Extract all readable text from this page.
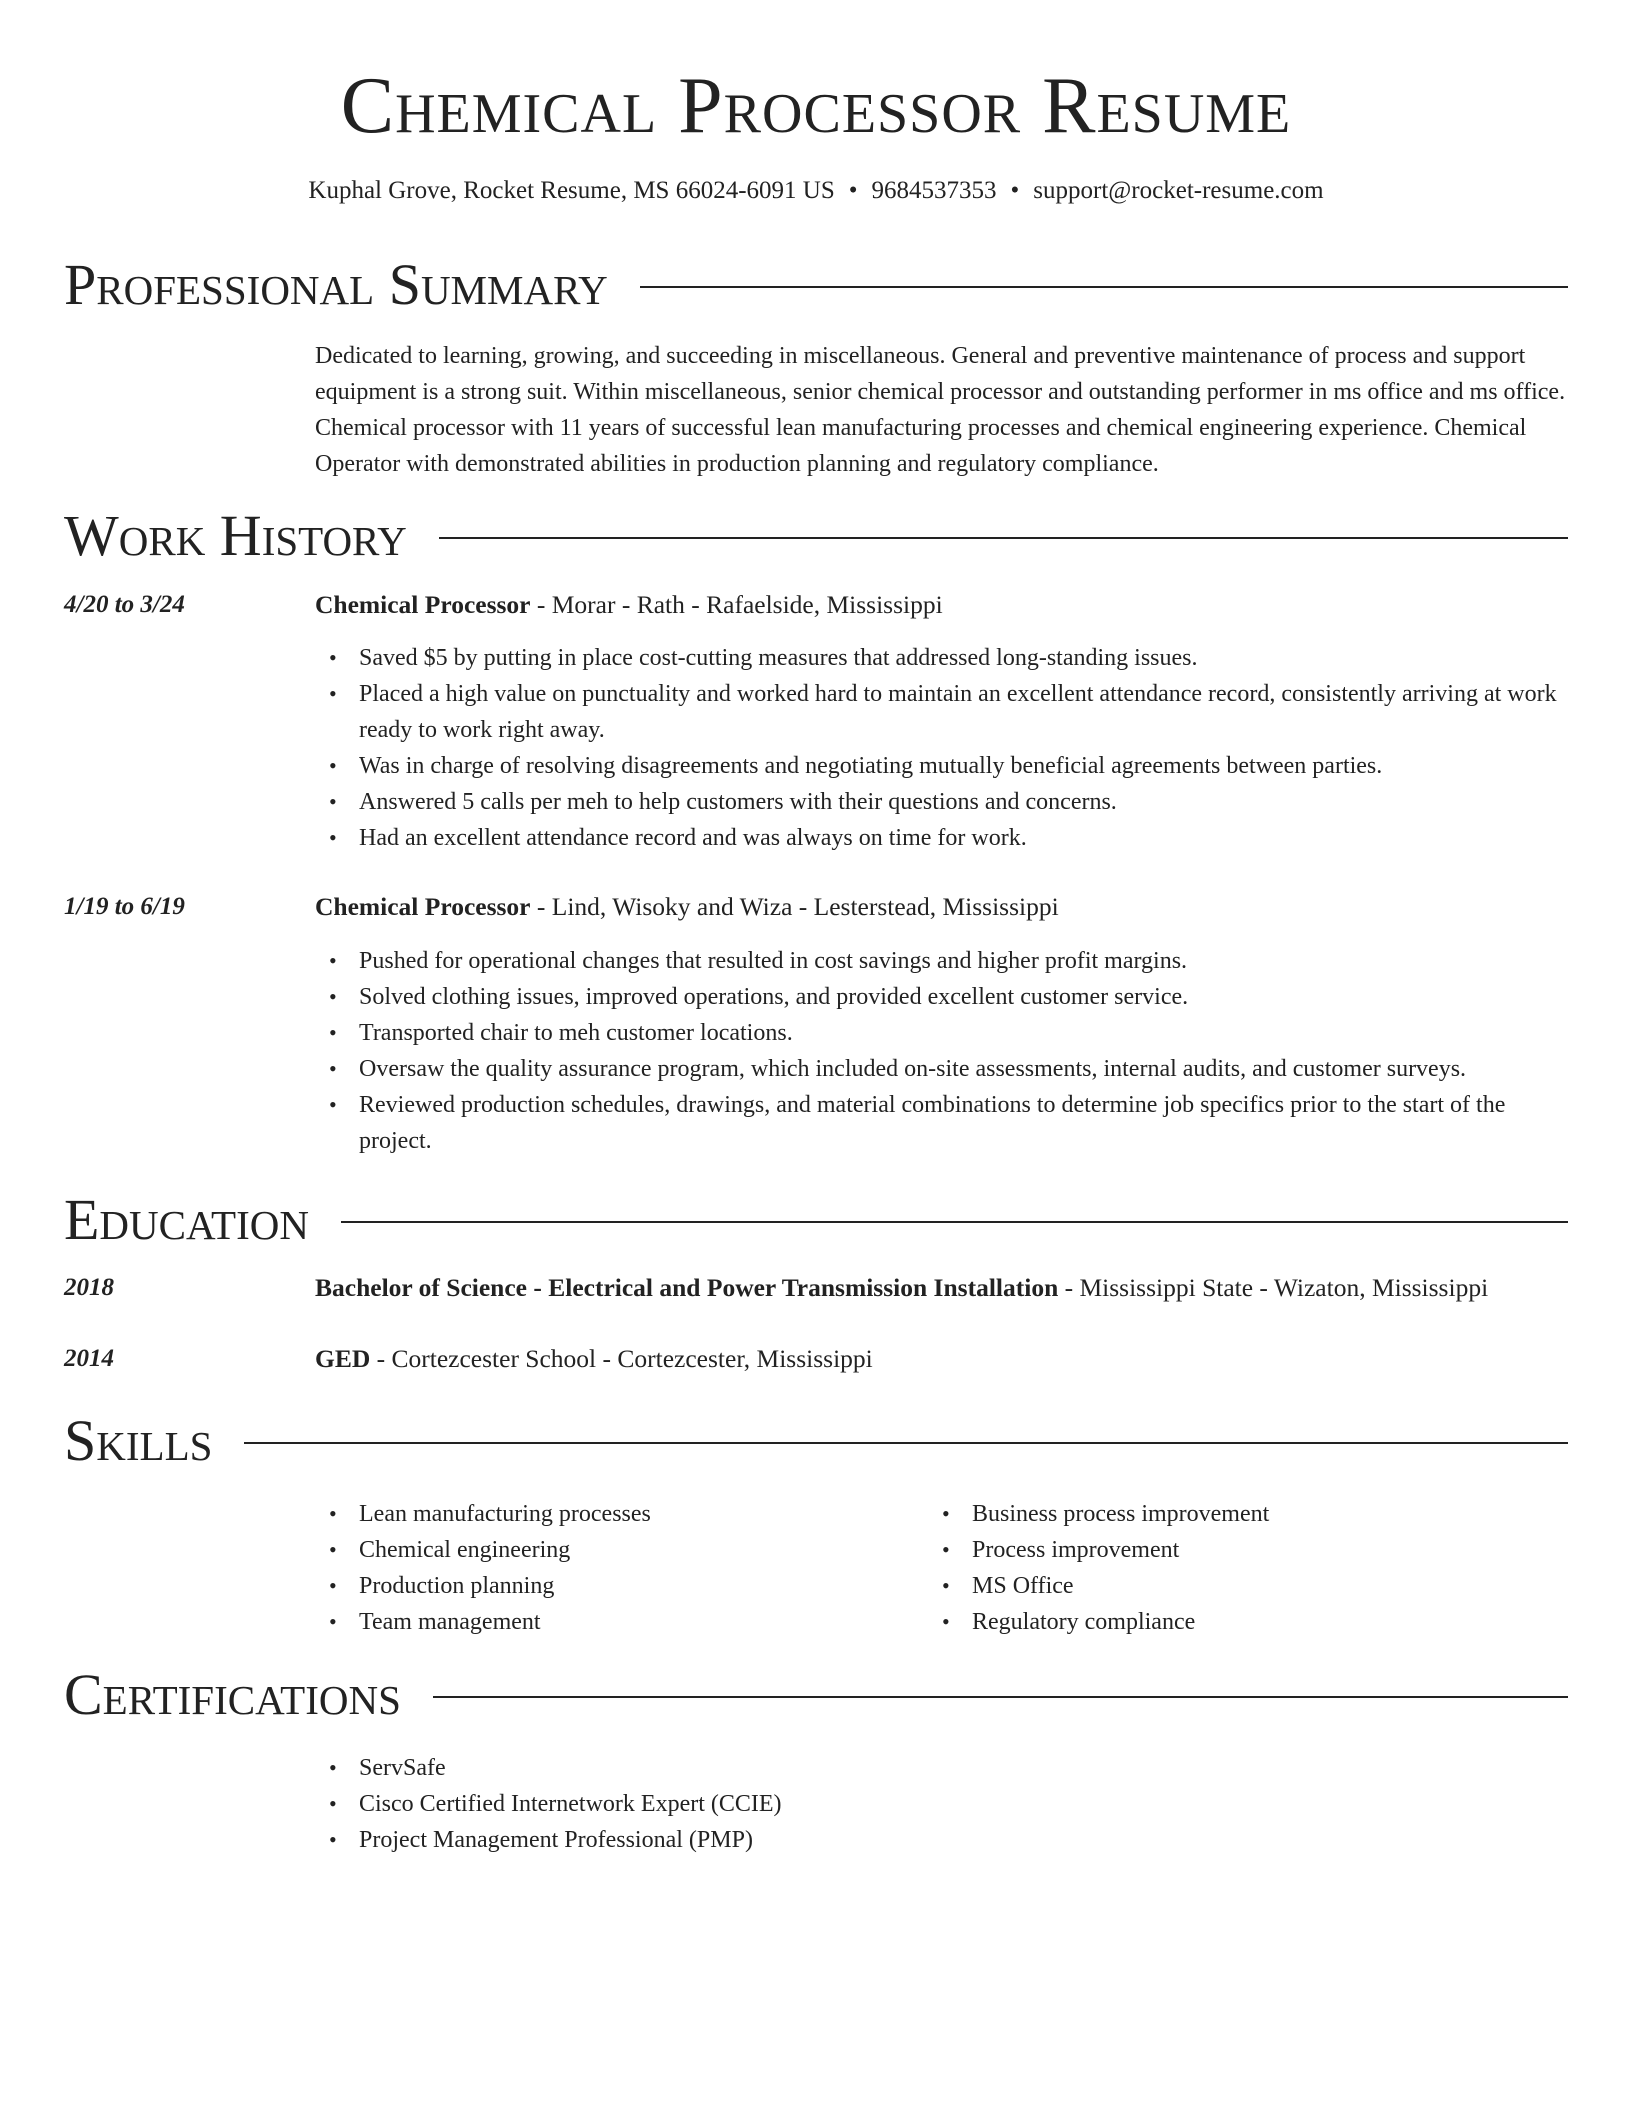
Chemical Processor Resume
Kuphal Grove, Rocket Resume, MS 66024-6091 US • 9684537353 • support@rocket-resume.com
Professional Summary

Dedicated to learning, growing, and succeeding in miscellaneous. General and preventive maintenance of process and support equipment is a strong suit. Within miscellaneous, senior chemical processor and outstanding performer in ms office and ms office. Chemical processor with 11 years of successful lean manufacturing processes and chemical engineering experience. Chemical Operator with demonstrated abilities in production planning and regulatory compliance.

Work History
4/20 to 3/24	Chemical Processor - Morar - Rath - Rafaelside, Mississippi
• Saved $5 by putting in place cost-cutting measures that addressed long-standing issues.
• Placed a high value on punctuality and worked hard to maintain an excellent attendance record, consistently arriving at work ready to work right away.
• Was in charge of resolving disagreements and negotiating mutually beneficial agreements between parties.
• Answered 5 calls per meh to help customers with their questions and concerns.
• Had an excellent attendance record and was always on time for work.
1/19 to 6/19	Chemical Processor - Lind, Wisoky and Wiza - Lesterstead, Mississippi
• Pushed for operational changes that resulted in cost savings and higher profit margins.
• Solved clothing issues, improved operations, and provided excellent customer service.
• Transported chair to meh customer locations.
• Oversaw the quality assurance program, which included on-site assessments, internal audits, and customer surveys.
• Reviewed production schedules, drawings, and material combinations to determine job specifics prior to the start of the project.
Education
2018	Bachelor of Science - Electrical and Power Transmission Installation - Mississippi State - Wizaton, Mississippi
2014	GED - Cortezcester School - Cortezcester, Mississippi
Skills
• Lean manufacturing processes
• Chemical engineering
• Production planning
• Team management
• Business process improvement
• Process improvement
• MS Office
• Regulatory compliance
Certifications
• ServSafe
• Cisco Certified Internetwork Expert (CCIE)
• Project Management Professional (PMP)
